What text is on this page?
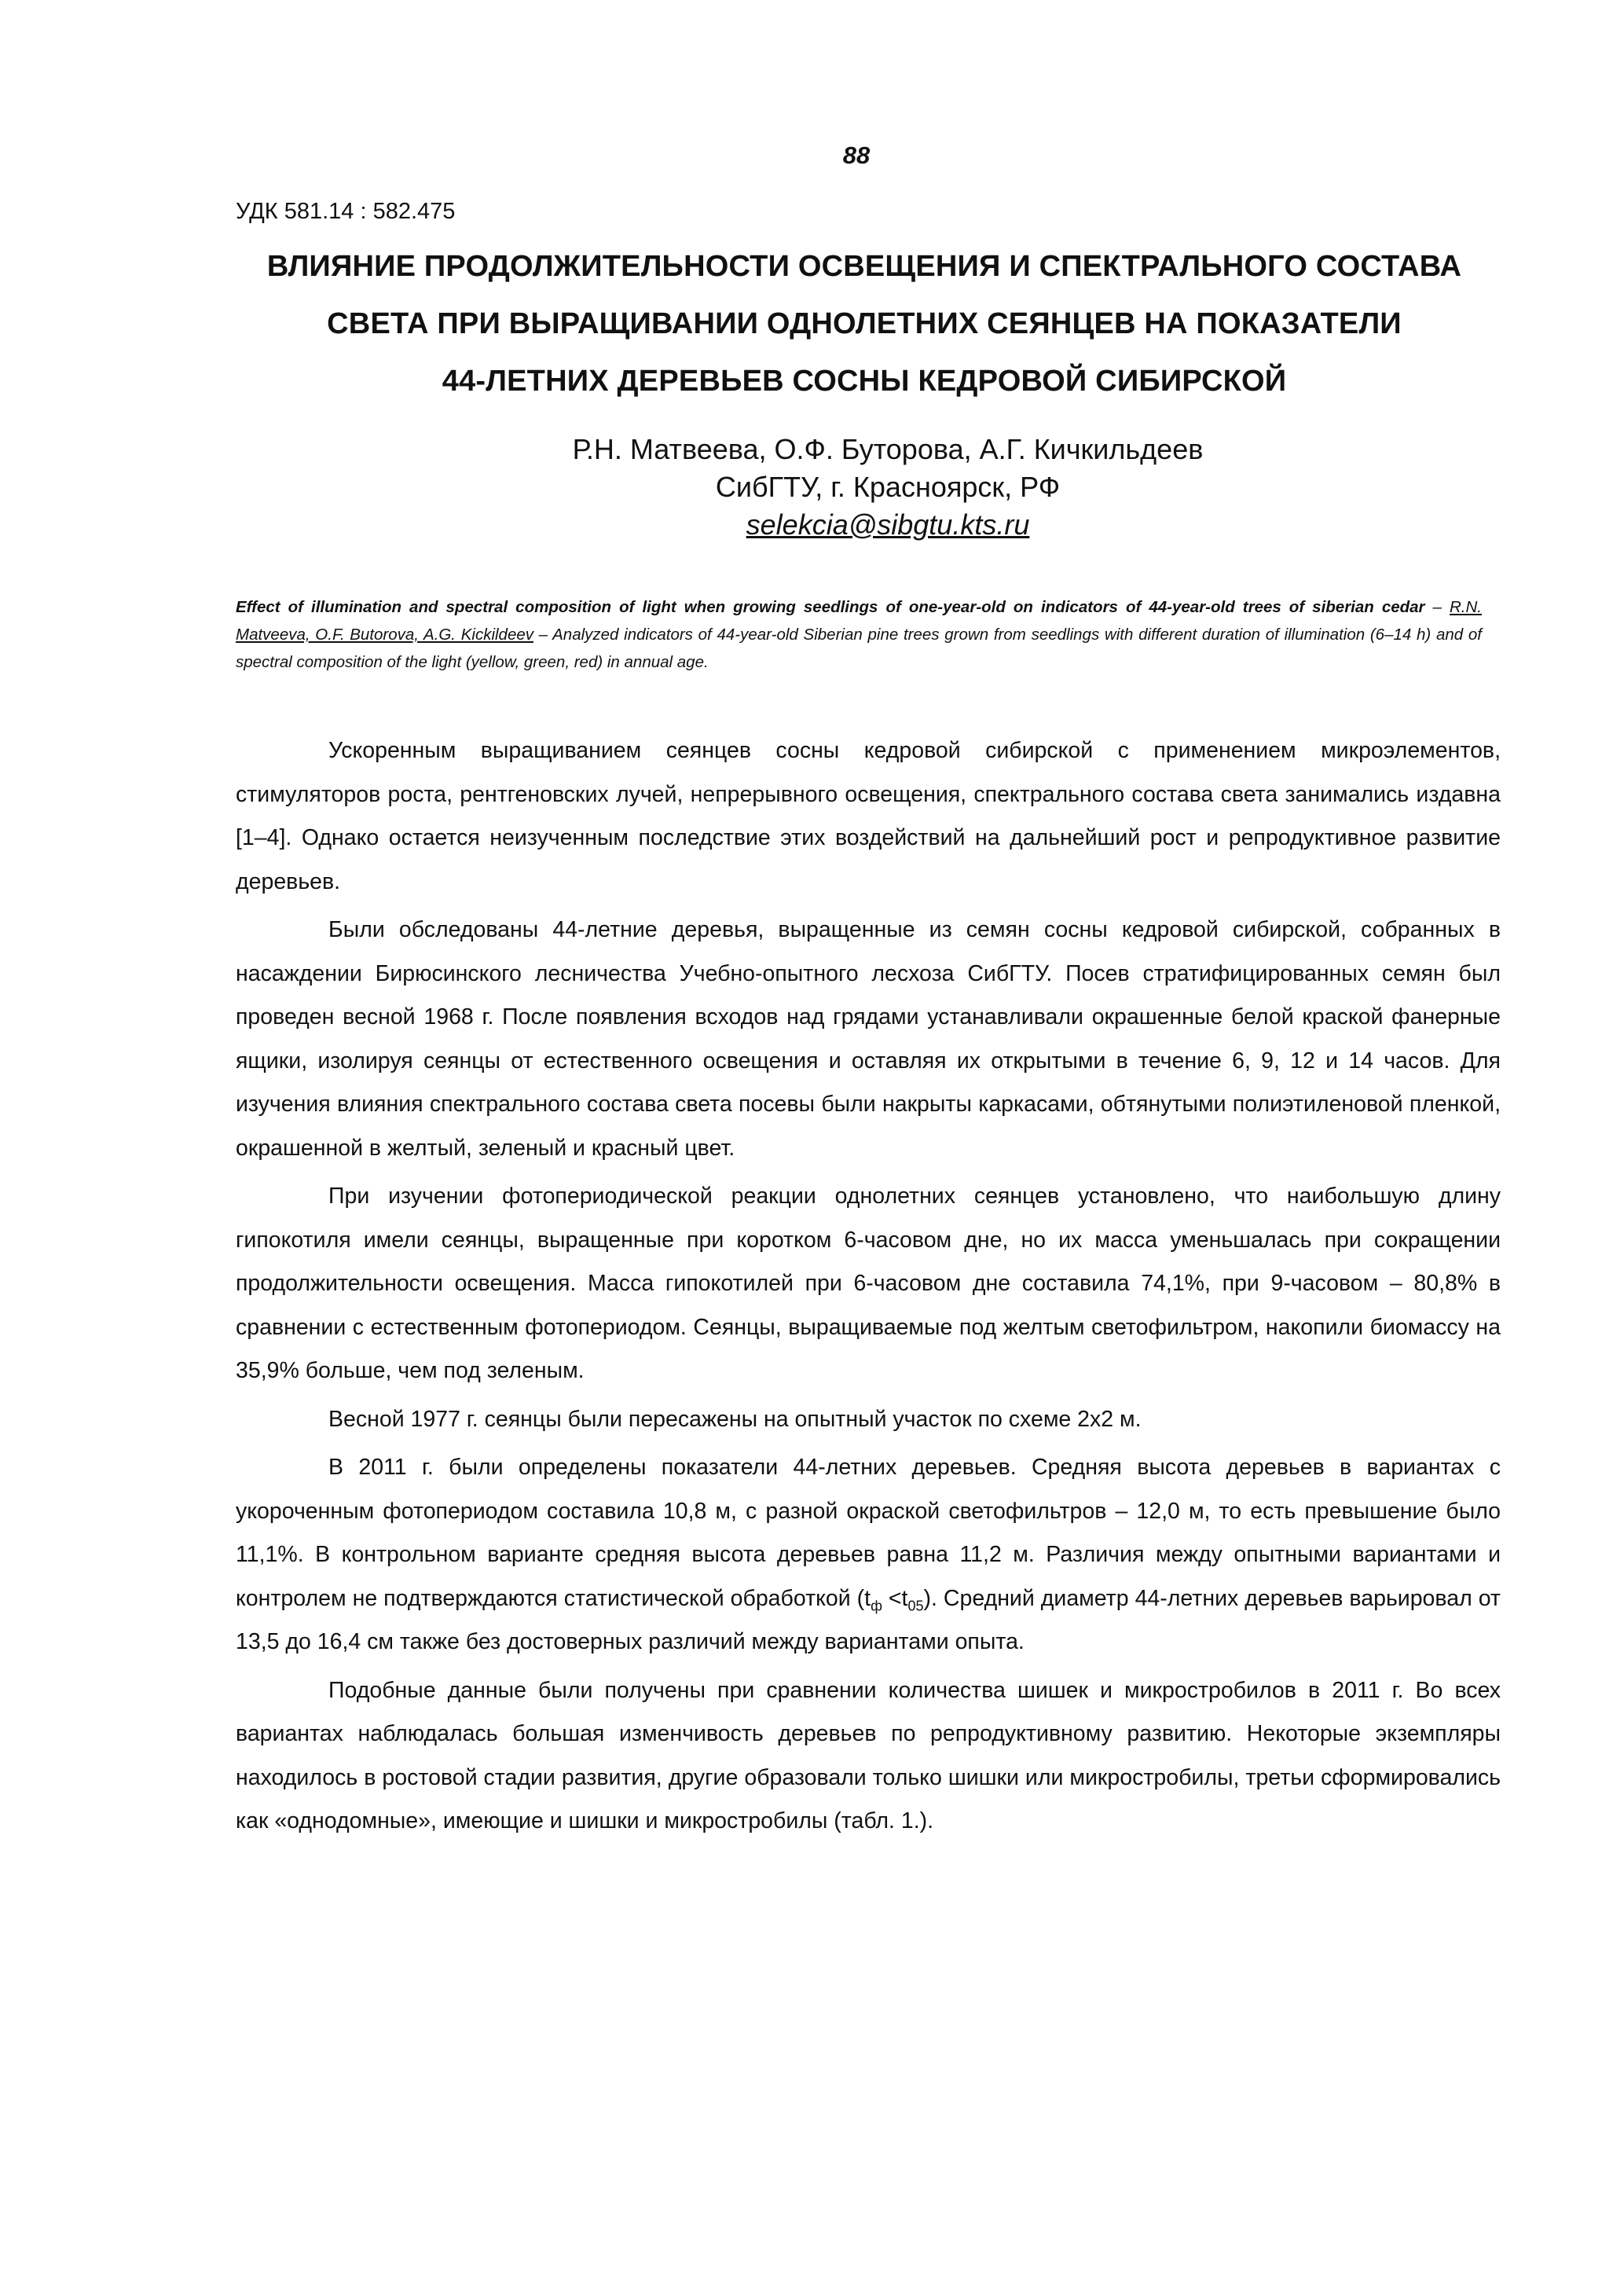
88
УДК 581.14 : 582.475
ВЛИЯНИЕ ПРОДОЛЖИТЕЛЬНОСТИ ОСВЕЩЕНИЯ И СПЕКТРАЛЬНОГО СОСТАВА
СВЕТА ПРИ ВЫРАЩИВАНИИ ОДНОЛЕТНИХ СЕЯНЦЕВ НА ПОКАЗАТЕЛИ
44-ЛЕТНИХ ДЕРЕВЬЕВ СОСНЫ КЕДРОВОЙ СИБИРСКОЙ
Р.Н. Матвеева, О.Ф. Буторова, А.Г. Кичкильдеев
СибГТУ, г. Красноярск, РФ
selekcia@sibgtu.kts.ru

Effect of illumination and spectral composition of light when growing seedlings of one-year-old on indicators of 44-year-old trees of siberian cedar – R.N. Matveeva, O.F. Butorova, A.G. Kickildeev – Analyzed indicators of 44-year-old Siberian pine trees grown from seedlings with different duration of illumination (6–14 h) and of spectral composition of the light (yellow, green, red) in annual age.

Ускоренным выращиванием сеянцев сосны кедровой сибирской с применением микроэлементов, стимуляторов роста, рентгеновских лучей, непрерывного освещения, спектрального состава света занимались издавна [1–4]. Однако остается неизученным последствие этих воздействий на дальнейший рост и репродуктивное развитие деревьев.

Были обследованы 44-летние деревья, выращенные из семян сосны кедровой сибирской, собранных в насаждении Бирюсинского лесничества Учебно-опытного лесхоза СибГТУ. Посев стратифицированных семян был проведен весной 1968 г. После появления всходов над грядами устанавливали окрашенные белой краской фанерные ящики, изолируя сеянцы от естественного освещения и оставляя их открытыми в течение 6, 9, 12 и 14 часов. Для изучения влияния спектрального состава света посевы были накрыты каркасами, обтянутыми полиэтиленовой пленкой, окрашенной в желтый, зеленый и красный цвет.

При изучении фотопериодической реакции однолетних сеянцев установлено, что наибольшую длину гипокотиля имели сеянцы, выращенные при коротком 6-часовом дне, но их масса уменьшалась при сокращении продолжительности освещения. Масса гипокотилей при 6-часовом дне составила 74,1%, при 9-часовом – 80,8% в сравнении с естественным фотопериодом. Сеянцы, выращиваемые под желтым светофильтром, накопили биомассу на 35,9% больше, чем под зеленым.

Весной 1977 г. сеянцы были пересажены на опытный участок по схеме 2х2 м.

В 2011 г. были определены показатели 44-летних деревьев. Средняя высота деревьев в вариантах с укороченным фотопериодом составила 10,8 м, с разной окраской светофильтров – 12,0 м, то есть превышение было 11,1%. В контрольном варианте средняя высота деревьев равна 11,2 м. Различия между опытными вариантами и контролем не подтверждаются статистической обработкой $(t_ф <t_{05})$. Средний диаметр 44-летних деревьев варьировал от 13,5 до 16,4 см также без достоверных различий между вариантами опыта.

Подобные данные были получены при сравнении количества шишек и микростробилов в 2011 г. Во всех вариантах наблюдалась большая изменчивость деревьев по репродуктивному развитию. Некоторые экземпляры находилось в ростовой стадии развития, другие образовали только шишки или микростробилы, третьи сформировались как «однодомные», имеющие и шишки и микростробилы (табл. 1.).
